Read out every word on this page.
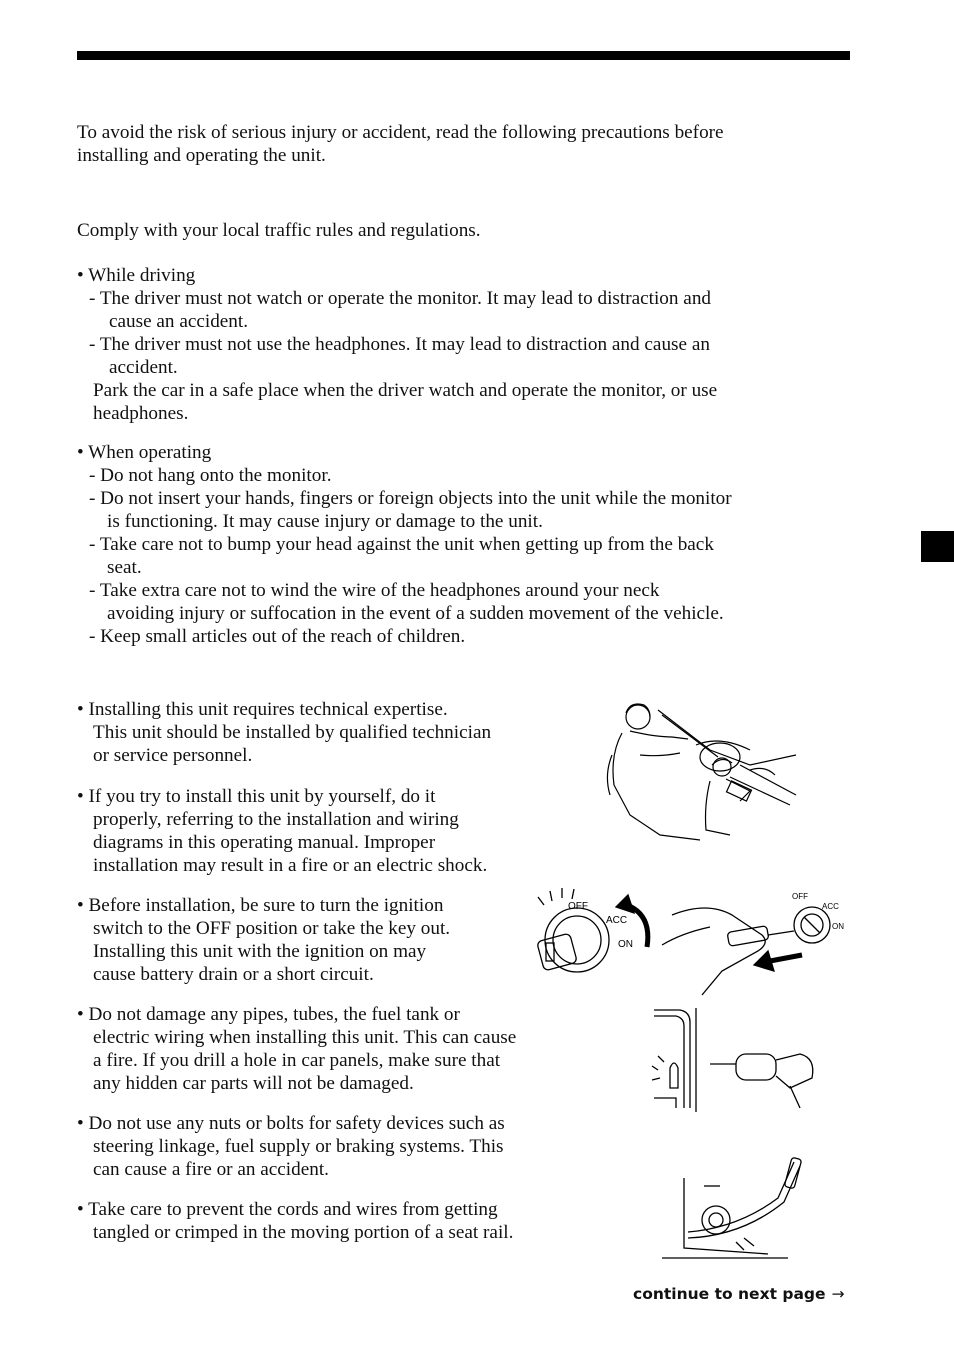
To avoid the risk of serious injury or accident, read the following precautions before
installing and operating the unit.

Comply with your local traffic rules and regulations.

• While driving
- The driver must not watch or operate the monitor. It may lead to distraction and
cause an accident.
- The driver must not use the headphones. It may lead to distraction and cause an
accident.
Park the car in a safe place when the driver watch and operate the monitor, or use
headphones.
• When operating
- Do not hang onto the monitor.
- Do not insert your hands, fingers or foreign objects into the unit while the monitor
is functioning. It may cause injury or damage to the unit.
- Take care not to bump your head against the unit when getting up from the back
seat.
- Take extra care not to wind the wire of the headphones around your neck
avoiding injury or suffocation in the event of a sudden movement of the vehicle.
- Keep small articles out of the reach of children.
• Installing this unit requires technical expertise.
This unit should be installed by qualified technician
or service personnel.
• If you try to install this unit by yourself, do it
properly, referring to the installation and wiring
diagrams in this operating manual. Improper
installation may result in a fire or an electric shock.
• Before installation, be sure to turn the ignition
switch to the OFF position or take the key out.
Installing this unit with the ignition on may
cause battery drain or a short circuit.
• Do not damage any pipes, tubes, the fuel tank or
electric wiring when installing this unit. This can cause
a fire. If you drill a hole in car panels, make sure that
any hidden car parts will not be damaged.
• Do not use any nuts or bolts for safety devices such as
steering linkage, fuel supply or braking systems. This
can cause a fire or an accident.
• Take care to prevent the cords and wires from getting
tangled or crimped in the moving portion of a seat rail.
OFF
ACC
ON
OFF
ACC
ON
continue to next page →
